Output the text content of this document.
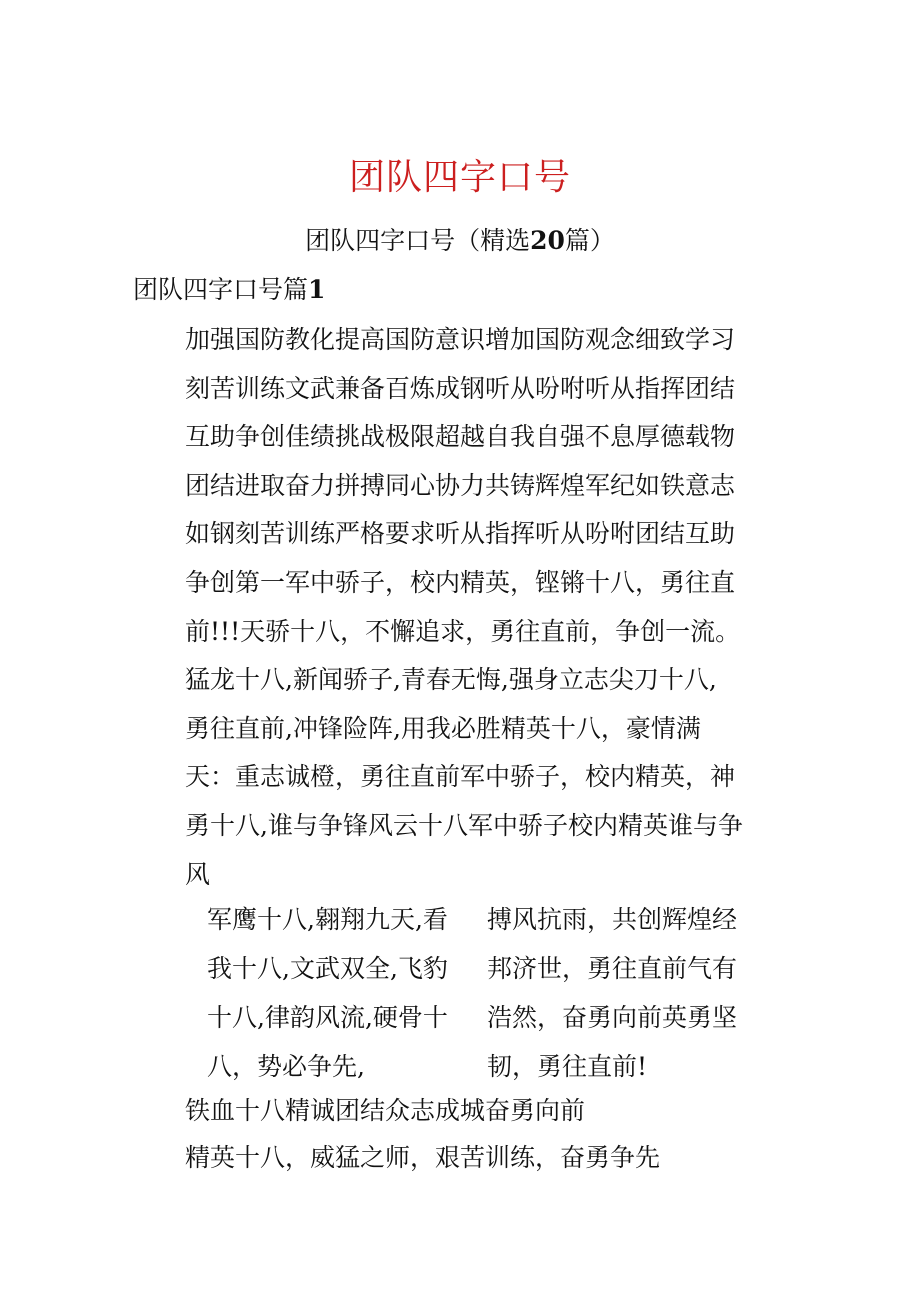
团队四字口号

团队四字口号（精选20篇）

团队四字口号篇1
加强国防教化提高国防意识增加国防观念细致学习
刻苦训练文武兼备百炼成钢听从吩咐听从指挥团结
互助争创佳绩挑战极限超越自我自强不息厚德载物
团结进取奋力拼搏同心协力共铸辉煌军纪如铁意志
如钢刻苦训练严格要求听从指挥听从吩咐团结互助
争创第一军中骄子，校内精英，铿锵十八，勇往直
前!!!天骄十八，不懈追求，勇往直前，争创一流。
猛龙十八,新闻骄子,青春无悔,强身立志尖刀十八,
勇往直前,冲锋险阵,用我必胜精英十八，豪情满
天：重志诚橙，勇往直前军中骄子，校内精英，神
勇十八,谁与争锋风云十八军中骄子校内精英谁与争
风
军鹰十八,翱翔九天,看
我十八,文武双全,飞豹
十八,律韵风流,硬骨十
八，势必争先,
搏风抗雨，共创辉煌经
邦济世，勇往直前气有
浩然，奋勇向前英勇坚
韧，勇往直前!

铁血十八精诚团结众志成城奋勇向前

精英十八，威猛之师，艰苦训练，奋勇争先
